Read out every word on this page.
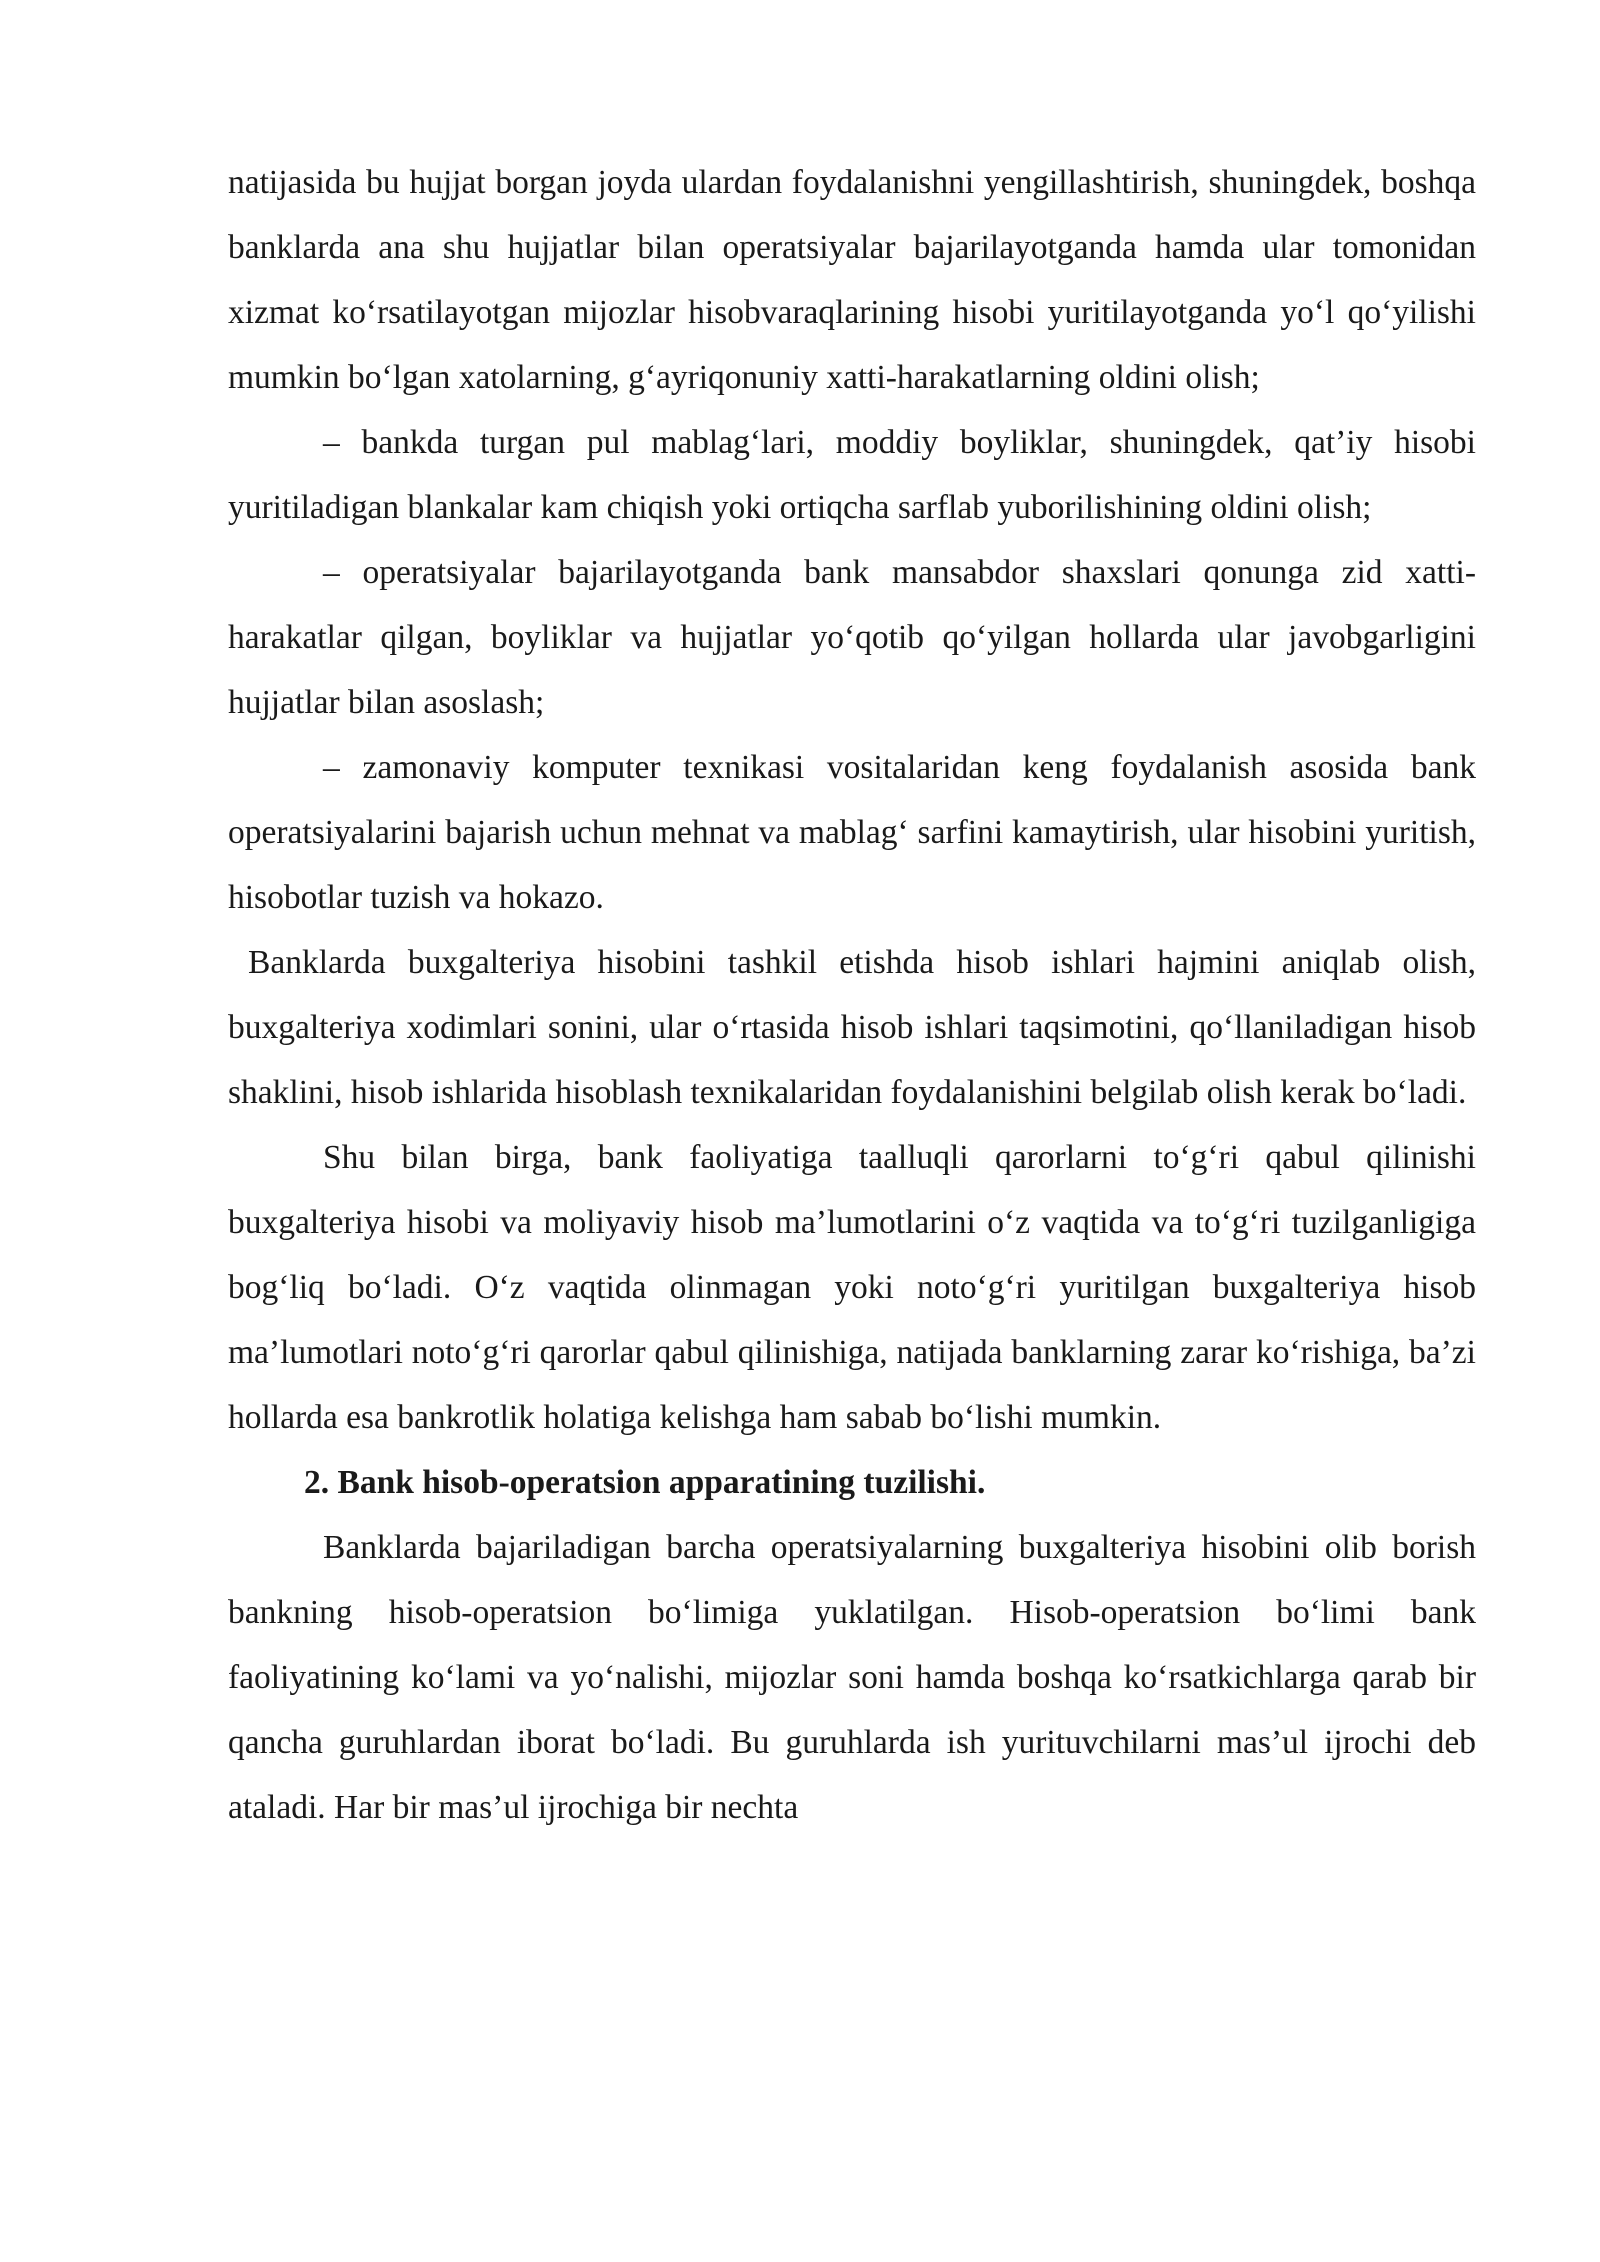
natijasida bu hujjat borgan joyda ulardan foydalanishni yengillashtirish, shuningdek, boshqa banklarda ana shu hujjatlar bilan operatsiyalar bajarilayotganda hamda ular tomonidan xizmat ko‘rsatilayotgan mijozlar hisobvaraqlarining hisobi yuritilayotganda yo‘l qo‘yilishi mumkin bo‘lgan xatolarning, g‘ayriqonuniy xatti-harakatlarning oldini olish;

– bankda turgan pul mablag‘lari, moddiy boyliklar, shuningdek, qat’iy hisobi yuritiladigan blankalar kam chiqish yoki ortiqcha sarflab yuborilishining oldini olish;

– operatsiyalar bajarilayotganda bank mansabdor shaxslari qonunga zid xatti-harakatlar qilgan, boyliklar va hujjatlar yo‘qotib qo‘yilgan hollarda ular javobgarligini hujjatlar bilan asoslash;

– zamonaviy komputer texnikasi vositalaridan keng foydalanish asosida bank operatsiyalarini bajarish uchun mehnat va mablag‘ sarfini kamaytirish, ular hisobini yuritish, hisobotlar tuzish va hokazo.

Banklarda buxgalteriya hisobini tashkil etishda hisob ishlari hajmini aniqlab olish, buxgalteriya xodimlari sonini, ular o‘rtasida hisob ishlari taqsimotini, qo‘llaniladigan hisob shaklini, hisob ishlarida hisoblash texnikalaridan foydalanishini belgilab olish kerak bo‘ladi.

Shu bilan birga, bank faoliyatiga taalluqli qarorlarni to‘g‘ri qabul qilinishi buxgalteriya hisobi va moliyaviy hisob ma’lumotlarini o‘z vaqtida va to‘g‘ri tuzilganligiga bog‘liq bo‘ladi. O‘z vaqtida olinmagan yoki noto‘g‘ri yuritilgan buxgalteriya hisob ma’lumotlari noto‘g‘ri qarorlar qabul qilinishiga, natijada banklarning zarar ko‘rishiga, ba’zi hollarda esa bankrotlik holatiga kelishga ham sabab bo‘lishi mumkin.

2. Bank hisob-operatsion apparatining tuzilishi.

Banklarda bajariladigan barcha operatsiyalarning buxgalteriya hisobini olib borish bankning hisob-operatsion bo‘limiga yuklatilgan. Hisob-operatsion bo‘limi bank faoliyatining ko‘lami va yo‘nalishi, mijozlar soni hamda boshqa ko‘rsatkichlarga qarab bir qancha guruhlardan iborat bo‘ladi. Bu guruhlarda ish yurituvchilarni mas’ul ijrochi deb ataladi. Har bir mas’ul ijrochiga bir nechta
